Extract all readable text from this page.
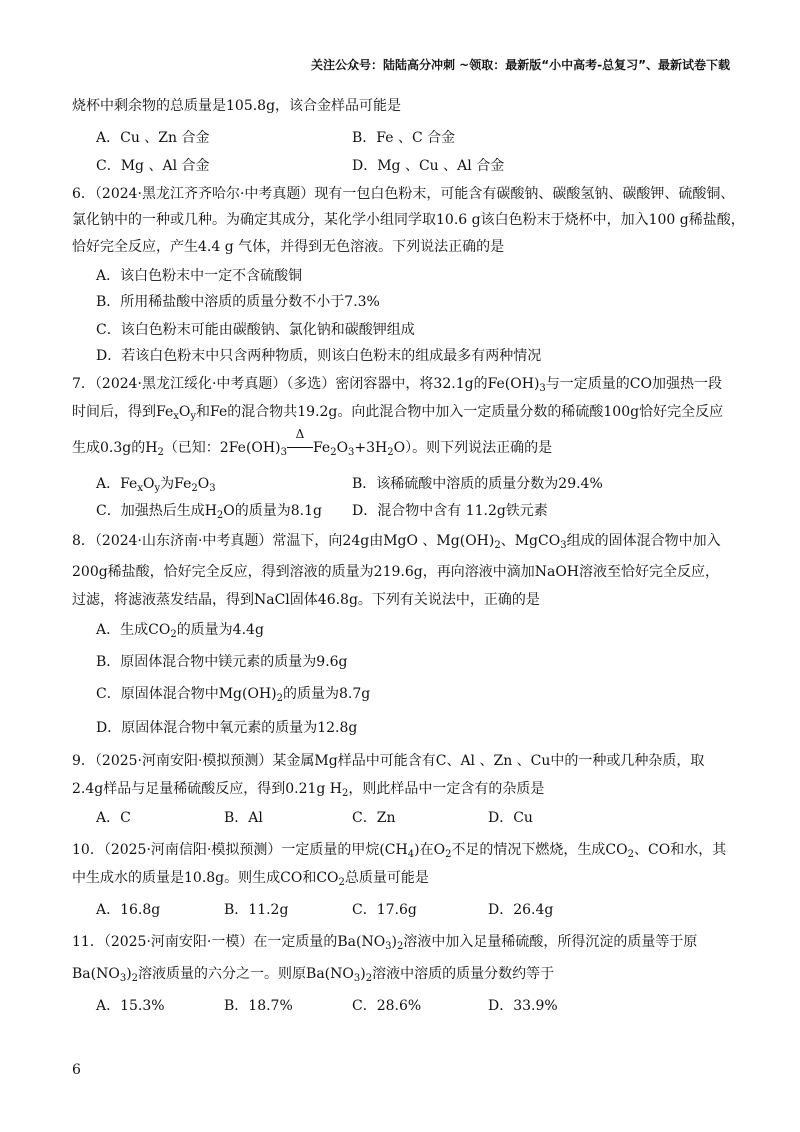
关注公众号：陆陆高分冲刺 ~领取：最新版“小中高考-总复习”、最新试卷下载
烧杯中剩余物的总质量是105.8g，该合金样品可能是
A．Cu 、Zn 合金	B．Fe 、C 合金
C．Mg 、Al 合金	D．Mg 、Cu 、Al 合金
6．（2024·黑龙江齐齐哈尔·中考真题）现有一包白色粉末，可能含有碳酸钠、碳酸氢钠、碳酸钾、硫酸铜、
氯化钠中的一种或几种。为确定其成分，某化学小组同学取10.6 g该白色粉末于烧杯中，加入100 g稀盐酸，
恰好完全反应，产生4.4 g 气体，并得到无色溶液。下列说法正确的是
A．该白色粉末中一定不含硫酸铜
B．所用稀盐酸中溶质的质量分数不小于7.3%
C．该白色粉末可能由碳酸钠、氯化钠和碳酸钾组成
D．若该白色粉末中只含两种物质，则该白色粉末的组成最多有两种情况
7．（2024·黑龙江绥化·中考真题）（多选）密闭容器中，将32.1g的$Fe(OH)_3$与一定质量的CO加强热一段
时间后，得到$Fe_xO_y$和Fe的混合物共19.2g。向此混合物中加入一定质量分数的稀硫酸100g恰好完全反应
生成0.3g的$H_2$（已知：$2Fe(OH)_3$
Δ
$Fe_2O_3+3H_2O$）。则下列说法正确的是
A．$Fe_xO_y$为$Fe_2O_3$	B．该稀硫酸中溶质的质量分数为29.4%
C．加强热后生成$H_2O$的质量为8.1g D．混合物中含有 11.2g铁元素
8．（2024·山东济南·中考真题）常温下，向24g由MgO 、$Mg(OH)_2$、MgCO$_3$组成的固体混合物中加入
200g稀盐酸，恰好完全反应，得到溶液的质量为219.6g，再向溶液中滴加NaOH溶液至恰好完全反应，
过滤，将滤液蒸发结晶，得到NaCl固体46.8g。下列有关说法中，正确的是
A．生成$CO_2$的质量为4.4g
B．原固体混合物中镁元素的质量为9.6g
C．原固体混合物中$Mg(OH)_2$的质量为8.7g
D．原固体混合物中氧元素的质量为12.8g
9．（2025·河南安阳·模拟预测）某金属Mg样品中可能含有C、Al 、Zn 、Cu中的一种或几种杂质，取
2.4g样品与足量稀硫酸反应，得到0.21g $H_2$，则此样品中一定含有的杂质是
A．C	B．Al	C．Zn	D．Cu
10．（2025·河南信阳·模拟预测）一定质量的甲烷$(CH_4)$在$O_2$不足的情况下燃烧，生成$CO_2$、CO和水，其
中生成水的质量是10.8g。则生成CO和$CO_2$总质量可能是
A．16.8g	B．11.2g	C．17.6g	D．26.4g
11．（2025·河南安阳·一模）在一定质量的$Ba(NO_3)_2$溶液中加入足量稀硫酸，所得沉淀的质量等于原
$Ba(NO_3)_2$溶液质量的六分之一。则原$Ba(NO_3)_2$溶液中溶质的质量分数约等于
A．15.3%	B．18.7%	C．28.6%	D．33.9%
6
